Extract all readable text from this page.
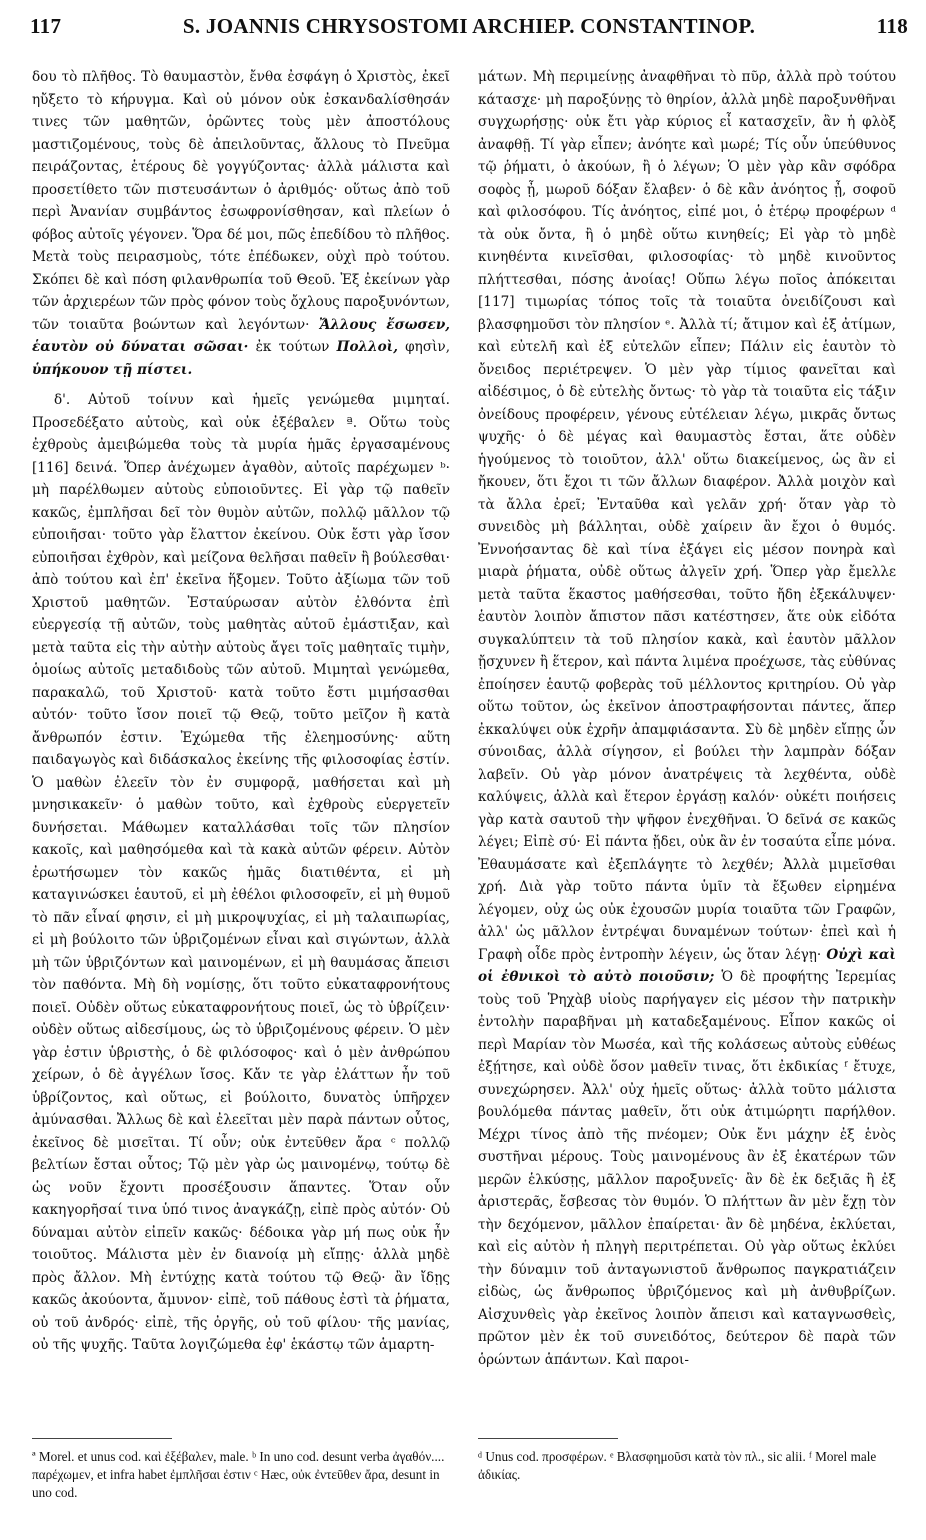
117	S. JOANNIS CHRYSOSTOMI ARCHIEP. CONSTANTINOP.	118

δου τὸ πλῆθος. Τὸ θαυμαστὸν, ἔνθα ἐσφάγη ὁ Χριστὸς, ἐκεῖ ηὔξετο τὸ κήρυγμα. Καὶ οὐ μόνον οὐκ ἐσκανδαλίσθησάν τινες τῶν μαθητῶν, ὁρῶντες τοὺς μὲν ἀποστόλους μαστιζομένους, τοὺς δὲ ἀπειλοῦντας, ἄλλους τὸ Πνεῦμα πειράζοντας, ἑτέρους δὲ γογγύζοντας· ἀλλὰ μάλιστα καὶ προσετίθετο τῶν πιστευσάντων ὁ ἀριθμός· οὕτως ἀπὸ τοῦ περὶ Ἀνανίαν συμβάντος ἐσωφρονίσθησαν, καὶ πλείων ὁ φόβος αὐτοῖς γέγονεν. Ὅρα δέ μοι, πῶς ἐπεδίδου τὸ πλῆθος. Μετὰ τοὺς πειρασμοὺς, τότε ἐπέδωκεν, οὐχὶ πρὸ τούτου. Σκόπει δὲ καὶ πόση φιλανθρωπία τοῦ Θεοῦ. Ἐξ ἐκείνων γὰρ τῶν ἀρχιερέων τῶν πρὸς φόνον τοὺς ὄχλους παροξυνόντων, τῶν τοιαῦτα βοώντων καὶ λεγόντων· Ἄλλους ἔσωσεν, ἑαυτὸν οὐ δύναται σῶσαι· ἐκ τούτων Πολλοὶ, φησὶν, ὑπήκουον τῇ πίστει.

δ'. Αὐτοῦ τοίνυν καὶ ἡμεῖς γενώμεθα μιμηταί. Προσεδέξατο αὐτοὺς, καὶ οὐκ ἐξέβαλεν ª. Οὕτω τοὺς ἐχθροὺς ἀμειβώμεθα τοὺς τὰ μυρία ἡμᾶς ἐργασαμένους [116] δεινά. Ὅπερ ἀνέχωμεν ἀγαθὸν, αὐτοῖς παρέχωμεν ᵇ· μὴ παρέλθωμεν αὐτοὺς εὐποιοῦντες. Εἰ γὰρ τῷ παθεῖν κακῶς, ἐμπλῆσαι δεῖ τὸν θυμὸν αὐτῶν, πολλῷ μᾶλλον τῷ εὐποιῆσαι· τοῦτο γὰρ ἔλαττον ἐκείνου. Οὐκ ἔστι γὰρ ἴσον εὐποιῆσαι ἐχθρὸν, καὶ μείζονα θελῆσαι παθεῖν ἢ βούλεσθαι· ἀπὸ τούτου καὶ ἐπ' ἐκεῖνα ἥξομεν. Τοῦτο ἀξίωμα τῶν τοῦ Χριστοῦ μαθητῶν. Ἐσταύρωσαν αὐτὸν ἐλθόντα ἐπὶ εὐεργεσίᾳ τῇ αὐτῶν, τοὺς μαθητὰς αὐτοῦ ἐμάστιξαν, καὶ μετὰ ταῦτα εἰς τὴν αὐτὴν αὐτοὺς ἄγει τοῖς μαθηταῖς τιμὴν, ὁμοίως αὐτοῖς μεταδιδοὺς τῶν αὐτοῦ. Μιμηταὶ γενώμεθα, παρακαλῶ, τοῦ Χριστοῦ· κατὰ τοῦτο ἔστι μιμήσασθαι αὐτόν· τοῦτο ἴσον ποιεῖ τῷ Θεῷ, τοῦτο μεῖζον ἢ κατὰ ἄνθρωπόν ἐστιν. Ἐχώμεθα τῆς ἐλεημοσύνης· αὕτη παιδαγωγὸς καὶ διδάσκαλος ἐκείνης τῆς φιλοσοφίας ἐστίν. Ὁ μαθὼν ἐλεεῖν τὸν ἐν συμφορᾷ, μαθήσεται καὶ μὴ μνησικακεῖν· ὁ μαθὼν τοῦτο, καὶ ἐχθροὺς εὐεργετεῖν δυνήσεται. Μάθωμεν καταλλάσθαι τοῖς τῶν πλησίον κακοῖς, καὶ μαθησόμεθα καὶ τὰ κακὰ αὐτῶν φέρειν. Αὐτὸν ἐρωτήσωμεν τὸν κακῶς ἡμᾶς διατιθέντα, εἰ μὴ καταγινώσκει ἑαυτοῦ, εἰ μὴ ἐθέλοι φιλοσοφεῖν, εἰ μὴ θυμοῦ τὸ πᾶν εἶναί φησιν, εἰ μὴ μικροψυχίας, εἰ μὴ ταλαιπωρίας, εἰ μὴ βούλοιτο τῶν ὑβριζομένων εἶναι καὶ σιγώντων, ἀλλὰ μὴ τῶν ὑβριζόντων καὶ μαινομένων, εἰ μὴ θαυμάσας ἄπεισι τὸν παθόντα. Μὴ δὴ νομίσῃς, ὅτι τοῦτο εὐκαταφρονήτους ποιεῖ. Οὐδὲν οὕτως εὐκαταφρονήτους ποιεῖ, ὡς τὸ ὑβρίζειν· οὐδὲν οὕτως αἰδεσίμους, ὡς τὸ ὑβριζομένους φέρειν. Ὁ μὲν γὰρ ἐστιν ὑβριστὴς, ὁ δὲ φιλόσοφος· καὶ ὁ μὲν ἀνθρώπου χείρων, ὁ δὲ ἀγγέλων ἴσος. Κἄν τε γὰρ ἐλάττων ἦν τοῦ ὑβρίζοντος, καὶ οὕτως, εἰ βούλοιτο, δυνατὸς ὑπῆρχεν ἀμύνασθαι. Ἄλλως δὲ καὶ ἐλεεῖται μὲν παρὰ πάντων οὗτος, ἐκεῖνος δὲ μισεῖται. Τί οὖν; οὐκ ἐντεῦθεν ἄρα ᶜ πολλῷ βελτίων ἔσται οὗτος; Τῷ μὲν γὰρ ὡς μαινομένῳ, τούτῳ δὲ ὡς νοῦν ἔχοντι προσέξουσιν ἅπαντες. Ὅταν οὖν κακηγορῆσαί τινα ὑπό τινος ἀναγκάζῃ, εἰπὲ πρὸς αὐτόν· Οὐ δύναμαι αὐτὸν εἰπεῖν κακῶς· δέδοικα γὰρ μή πως οὐκ ἦν τοιοῦτος. Μάλιστα μὲν ἐν διανοίᾳ μὴ εἴπῃς· ἀλλὰ μηδὲ πρὸς ἄλλον. Μὴ ἐντύχῃς κατὰ τούτου τῷ Θεῷ· ἂν ἴδῃς κακῶς ἀκούοντα, ἄμυνον· εἰπὲ, τοῦ πάθους ἐστὶ τὰ ῥήματα, οὐ τοῦ ἀνδρός· εἰπὲ, τῆς ὀργῆς, οὐ τοῦ φίλου· τῆς μανίας, οὐ τῆς ψυχῆς. Ταῦτα λογιζώμεθα ἐφ' ἑκάστῳ τῶν ἁμαρτη-

μάτων. Μὴ περιμείνῃς ἀναφθῆναι τὸ πῦρ, ἀλλὰ πρὸ τούτου κάτασχε· μὴ παροξύνῃς τὸ θηρίον, ἀλλὰ μηδὲ παροξυνθῆναι συγχωρήσῃς· οὐκ ἔτι γὰρ κύριος εἶ κατασχεῖν, ἂν ἡ φλὸξ ἀναφθῇ. Τί γὰρ εἶπεν; ἀνόητε καὶ μωρέ; Τίς οὖν ὑπεύθυνος τῷ ῥήματι, ὁ ἀκούων, ἢ ὁ λέγων; Ὁ μὲν γὰρ κἂν σφόδρα σοφὸς ᾖ, μωροῦ δόξαν ἔλαβεν· ὁ δὲ κἂν ἀνόητος ᾖ, σοφοῦ καὶ φιλοσόφου. Τίς ἀνόητος, εἰπέ μοι, ὁ ἑτέρῳ προφέρων ᵈ τὰ οὐκ ὄντα, ἢ ὁ μηδὲ οὕτω κινηθείς; Εἰ γὰρ τὸ μηδὲ κινηθέντα κινεῖσθαι, φιλοσοφίας· τὸ μηδὲ κινοῦντος πλήττεσθαι, πόσης ἀνοίας! Οὕπω λέγω ποῖος ἀπόκειται [117] τιμωρίας τόπος τοῖς τὰ τοιαῦτα ὀνειδίζουσι καὶ βλασφημοῦσι τὸν πλησίον ᵉ. Ἀλλὰ τί; ἄτιμον καὶ ἐξ ἀτίμων, καὶ εὐτελῆ καὶ ἐξ εὐτελῶν εἶπεν; Πάλιν εἰς ἑαυτὸν τὸ ὄνειδος περιέτρεψεν. Ὁ μὲν γὰρ τίμιος φανεῖται καὶ αἰδέσιμος, ὁ δὲ εὐτελὴς ὄντως· τὸ γὰρ τὰ τοιαῦτα εἰς τάξιν ὀνείδους προφέρειν, γένους εὐτέλειαν λέγω, μικρᾶς ὄντως ψυχῆς· ὁ δὲ μέγας καὶ θαυμαστὸς ἔσται, ἅτε οὐδὲν ἡγούμενος τὸ τοιοῦτον, ἀλλ' οὕτω διακείμενος, ὡς ἂν εἰ ἤκουεν, ὅτι ἔχοι τι τῶν ἄλλων διαφέρον. Ἀλλὰ μοιχὸν καὶ τὰ ἄλλα ἐρεῖ; Ἐνταῦθα καὶ γελᾶν χρή· ὅταν γὰρ τὸ συνειδὸς μὴ βάλληται, οὐδὲ χαίρειν ἂν ἔχοι ὁ θυμός. Ἐννοήσαντας δὲ καὶ τίνα ἐξάγει εἰς μέσον πονηρὰ καὶ μιαρὰ ῥήματα, οὐδὲ οὕτως ἀλγεῖν χρή. Ὅπερ γὰρ ἔμελλε μετὰ ταῦτα ἕκαστος μαθήσεσθαι, τοῦτο ἤδη ἐξεκάλυψεν· ἑαυτὸν λοιπὸν ἄπιστον πᾶσι κατέστησεν, ἅτε οὐκ εἰδότα συγκαλύπτειν τὰ τοῦ πλησίον κακὰ, καὶ ἑαυτὸν μᾶλλον ᾔσχυνεν ἢ ἕτερον, καὶ πάντα λιμένα προέχωσε, τὰς εὐθύνας ἐποίησεν ἑαυτῷ φοβερὰς τοῦ μέλλοντος κριτηρίου. Οὐ γὰρ οὕτω τοῦτον, ὡς ἐκεῖνον ἀποστραφήσονται πάντες, ἅπερ ἐκκαλύψει οὐκ ἐχρῆν ἀπαμφιάσαντα. Σὺ δὲ μηδὲν εἴπῃς ὧν σύνοιδας, ἀλλὰ σίγησον, εἰ βούλει τὴν λαμπρὰν δόξαν λαβεῖν. Οὐ γὰρ μόνον ἀνατρέψεις τὰ λεχθέντα, οὐδὲ καλύψεις, ἀλλὰ καὶ ἕτερον ἐργάσῃ καλόν· οὐκέτι ποιήσεις γὰρ κατὰ σαυτοῦ τὴν ψῆφον ἐνεχθῆναι. Ὁ δεῖνά σε κακῶς λέγει; Εἰπὲ σύ· Εἰ πάντα ᾔδει, οὐκ ἂν ἐν τοσαύτα εἶπε μόνα. Ἐθαυμάσατε καὶ ἐξεπλάγητε τὸ λεχθέν; Ἀλλὰ μιμεῖσθαι χρή. Διὰ γὰρ τοῦτο πάντα ὑμῖν τὰ ἔξωθεν εἰρημένα λέγομεν, οὐχ ὡς οὐκ ἐχουσῶν μυρία τοιαῦτα τῶν Γραφῶν, ἀλλ' ὡς μᾶλλον ἐντρέψαι δυναμένων τούτων· ἐπεὶ καὶ ἡ Γραφὴ οἶδε πρὸς ἐντροπὴν λέγειν, ὡς ὅταν λέγῃ· Οὐχὶ καὶ οἱ ἐθνικοὶ τὸ αὐτὸ ποιοῦσιν; Ὁ δὲ προφήτης Ἰερεμίας τοὺς τοῦ Ῥηχὰβ υἱοὺς παρήγαγεν εἰς μέσον τὴν πατρικὴν ἐντολὴν παραβῆναι μὴ καταδεξαμένους. Εἶπον κακῶς οἱ περὶ Μαρίαν τὸν Μωσέα, καὶ τῆς κολάσεως αὐτοὺς εὐθέως ἐξῄτησε, καὶ οὐδὲ ὅσον μαθεῖν τινας, ὅτι ἐκδικίας ᶠ ἔτυχε, συνεχώρησεν. Ἀλλ' οὐχ ἡμεῖς οὕτως· ἀλλὰ τοῦτο μάλιστα βουλόμεθα πάντας μαθεῖν, ὅτι οὐκ ἀτιμώρητι παρήλθον. Μέχρι τίνος ἀπὸ τῆς πνέομεν; Οὐκ ἔνι μάχην ἐξ ἑνὸς συστῆναι μέρους. Τοὺς μαινομένους ἂν ἐξ ἑκατέρων τῶν μερῶν ἑλκύσῃς, μᾶλλον παροξυνεῖς· ἂν δὲ ἐκ δεξιᾶς ἢ ἐξ ἀριστερᾶς, ἔσβεσας τὸν θυμόν. Ὁ πλήττων ἂν μὲν ἔχῃ τὸν τὴν δεχόμενον, μᾶλλον ἐπαίρεται· ἂν δὲ μηδένα, ἐκλύεται, καὶ εἰς αὐτὸν ἡ πληγὴ περιτρέπεται. Οὐ γὰρ οὕτως ἐκλύει τὴν δύναμιν τοῦ ἀνταγωνιστοῦ ἄνθρωπος παγκρατιάζειν εἰδὼς, ὡς ἄνθρωπος ὑβριζόμενος καὶ μὴ ἀνθυβρίζων. Αἰσχυνθεὶς γὰρ ἐκεῖνος λοιπὸν ἄπεισι καὶ καταγνωσθεὶς, πρῶτον μὲν ἐκ τοῦ συνειδότος, δεύτερον δὲ παρὰ τῶν ὁρώντων ἁπάντων. Καὶ παροι-

ª Morel. et unus cod. καὶ ἐξέβαλεν, male. ᵇ In uno cod. desunt verba ἀγαθόν.... παρέχωμεν, et infra habet ἐμπλῆσαι ἐστιν ᶜ Hæc, οὐκ ἐντεῦθεν ἄρα, desunt in uno cod.
ᵈ Unus cod. προσφέρων. ᵉ Βλασφημοῦσι κατὰ τὸν πλ., sic alii. ᶠ Morel male ἀδικίας.
